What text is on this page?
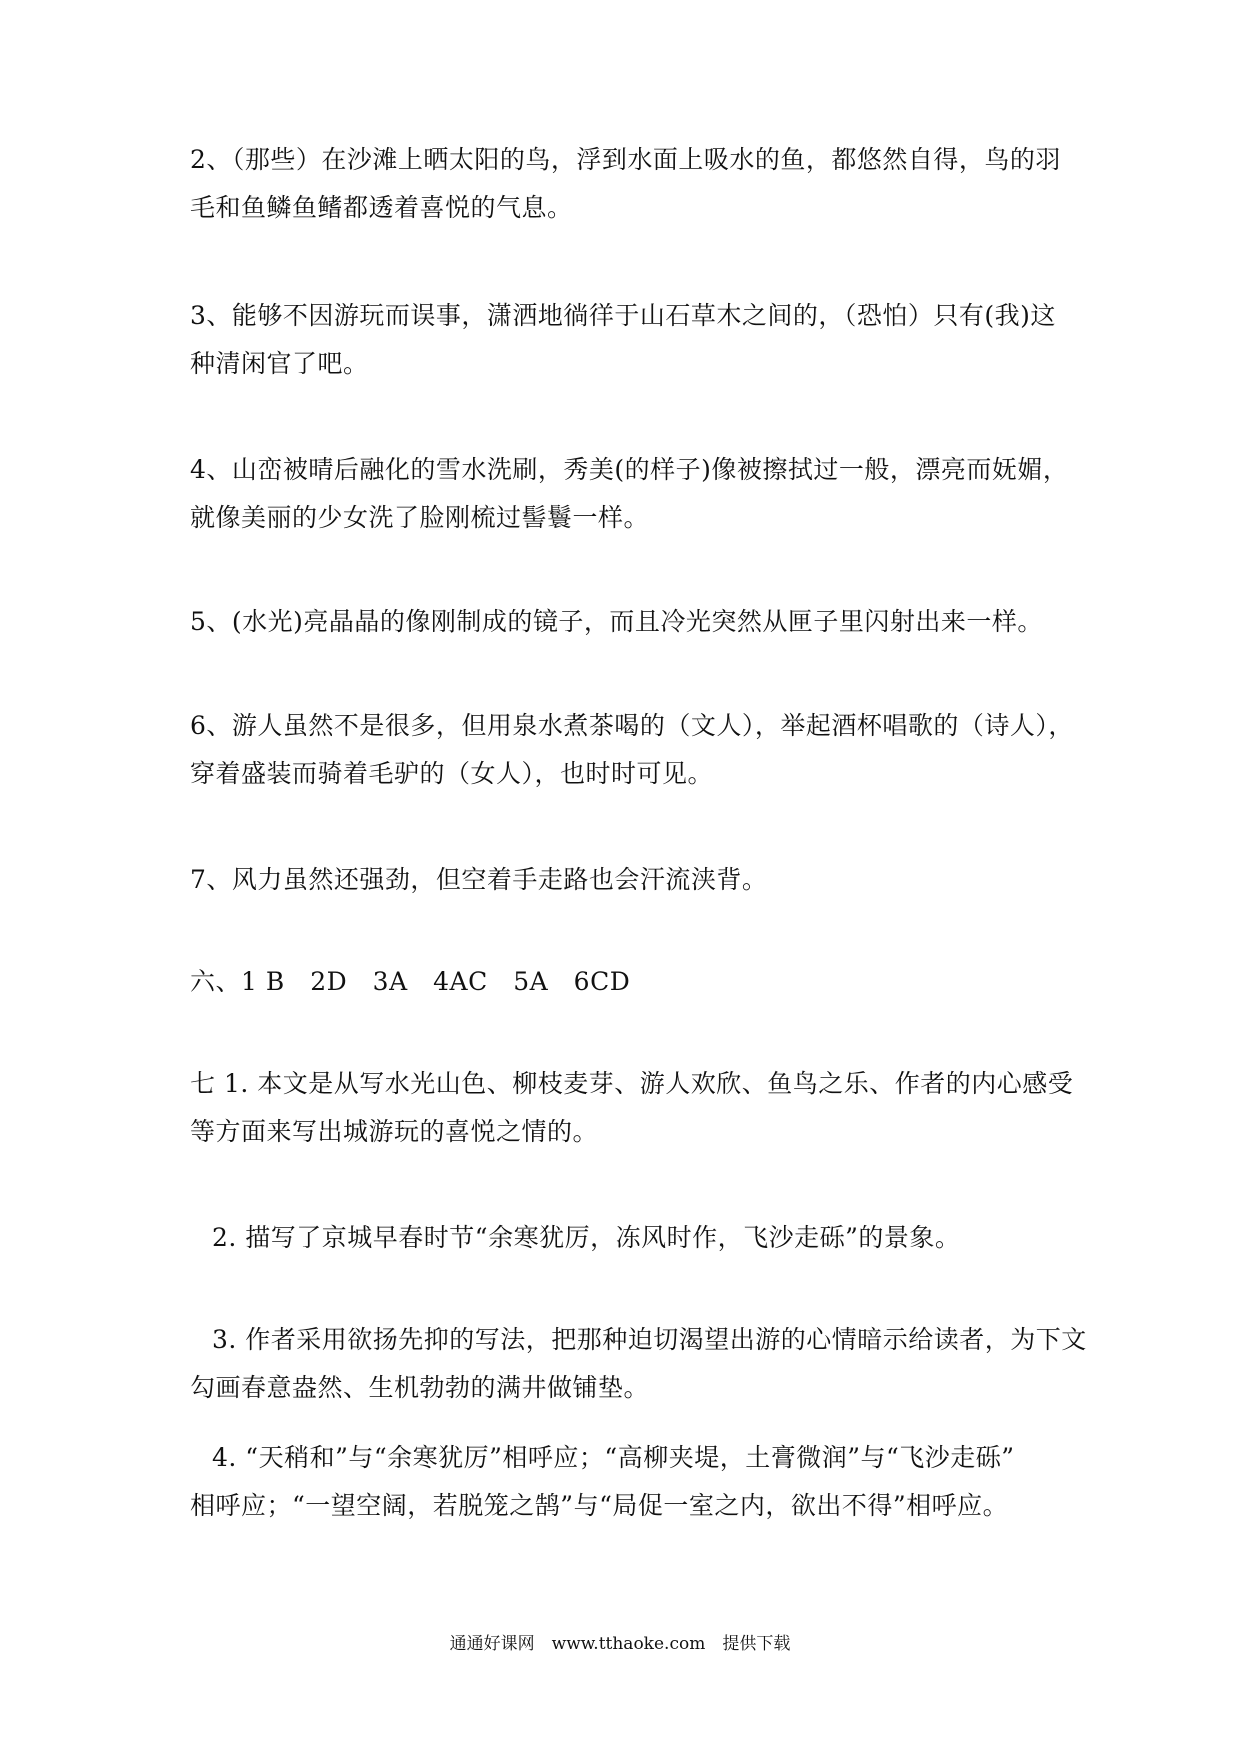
2、（那些）在沙滩上晒太阳的鸟，浮到水面上吸水的鱼，都悠然自得，鸟的羽
毛和鱼鳞鱼鳍都透着喜悦的气息。
3、能够不因游玩而误事，潇洒地徜徉于山石草木之间的，（恐怕）只有(我)这
种清闲官了吧。
4、山峦被晴后融化的雪水洗刷，秀美(的样子)像被擦拭过一般，漂亮而妩媚，
就像美丽的少女洗了脸刚梳过髻鬟一样。
5、(水光)亮晶晶的像刚制成的镜子，而且冷光突然从匣子里闪射出来一样。
6、游人虽然不是很多，但用泉水煮茶喝的（文人），举起酒杯唱歌的（诗人），
穿着盛装而骑着毛驴的（女人），也时时可见。
7、风力虽然还强劲，但空着手走路也会汗流浃背。
六、1 B　2D　3A　4AC　5A　6CD
七 1. 本文是从写水光山色、柳枝麦芽、游人欢欣、鱼鸟之乐、作者的内心感受
等方面来写出城游玩的喜悦之情的。
2. 描写了京城早春时节“余寒犹厉，冻风时作，飞沙走砾”的景象。
3. 作者采用欲扬先抑的写法，把那种迫切渴望出游的心情暗示给读者，为下文
勾画春意盎然、生机勃勃的满井做铺垫。
4. “天稍和”与“余寒犹厉”相呼应；“高柳夹堤，土膏微润”与“飞沙走砾”
相呼应；“一望空阔，若脱笼之鹄”与“局促一室之内，欲出不得”相呼应。
通通好课网　www.tthaoke.com　提供下载
